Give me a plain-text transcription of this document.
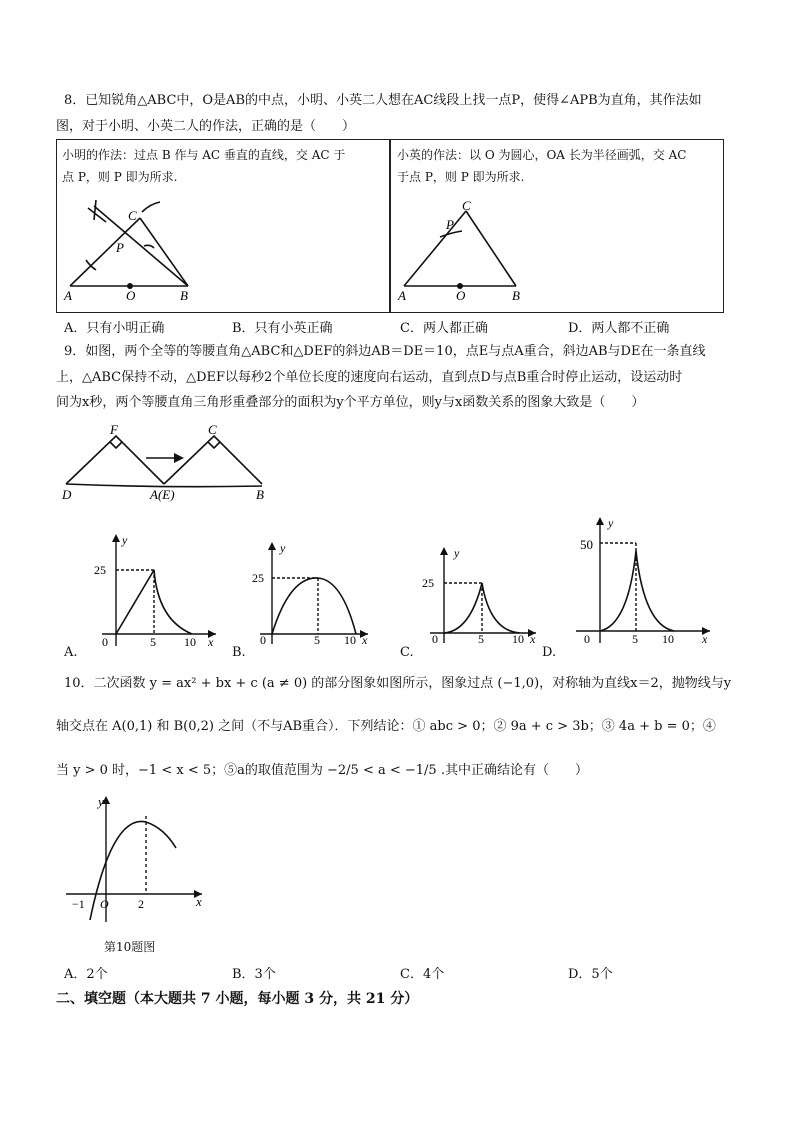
8．已知锐角△ABC中，O是AB的中点，小明、小英二人想在AC线段上找一点P，使得∠APB为直角，其作法如
图，对于小明、小英二人的作法，正确的是（　　）
小明的作法：过点 B 作与 AC 垂直的直线，交 AC 于
点 P，则 P 即为所求.
小英的作法：以 O 为圆心，OA 长为半径画弧，交 AC
于点 P，则 P 即为所求.
A	O	B
C
P
A	O	B
C
P
A．只有小明正确	B．只有小英正确	C．两人都正确	D．两人都不正确
9．如图，两个全等的等腰直角△ABC和△DEF的斜边AB＝DE＝10，点E与点A重合，斜边AB与DE在一条直线
上，△ABC保持不动，△DEF以每秒2个单位长度的速度向右运动，直到点D与点B重合时停止运动，设运动时
间为x秒，两个等腰直角三角形重叠部分的面积为y个平方单位，则y与x函数关系的图象大致是（　　）
F	C
D	A(E)	B
y
x
25
0	5 10
A.
y
x
25
0	5 10
B.
y
x
25
0	5 10
C.
y
x
50
0	5 10
D.
10．二次函数 y = ax² + bx + c (a ≠ 0) 的部分图象如图所示，图象过点 (−1,0)，对称轴为直线x＝2，抛物线与y
轴交点在 A(0,1) 和 B(0,2) 之间（不与AB重合）．下列结论：① abc > 0；② 9a + c > 3b；③ 4a + b = 0；④
当 y > 0 时，−1 < x < 5；⑤a的取值范围为 −2/5 < a < −1/5 .其中正确结论有（　　）
y
x
−1 O 2
第10题图
A．2个	B．3个	C．4个	D．5个
二、填空题（本大题共 7 小题，每小题 3 分，共 21 分）
